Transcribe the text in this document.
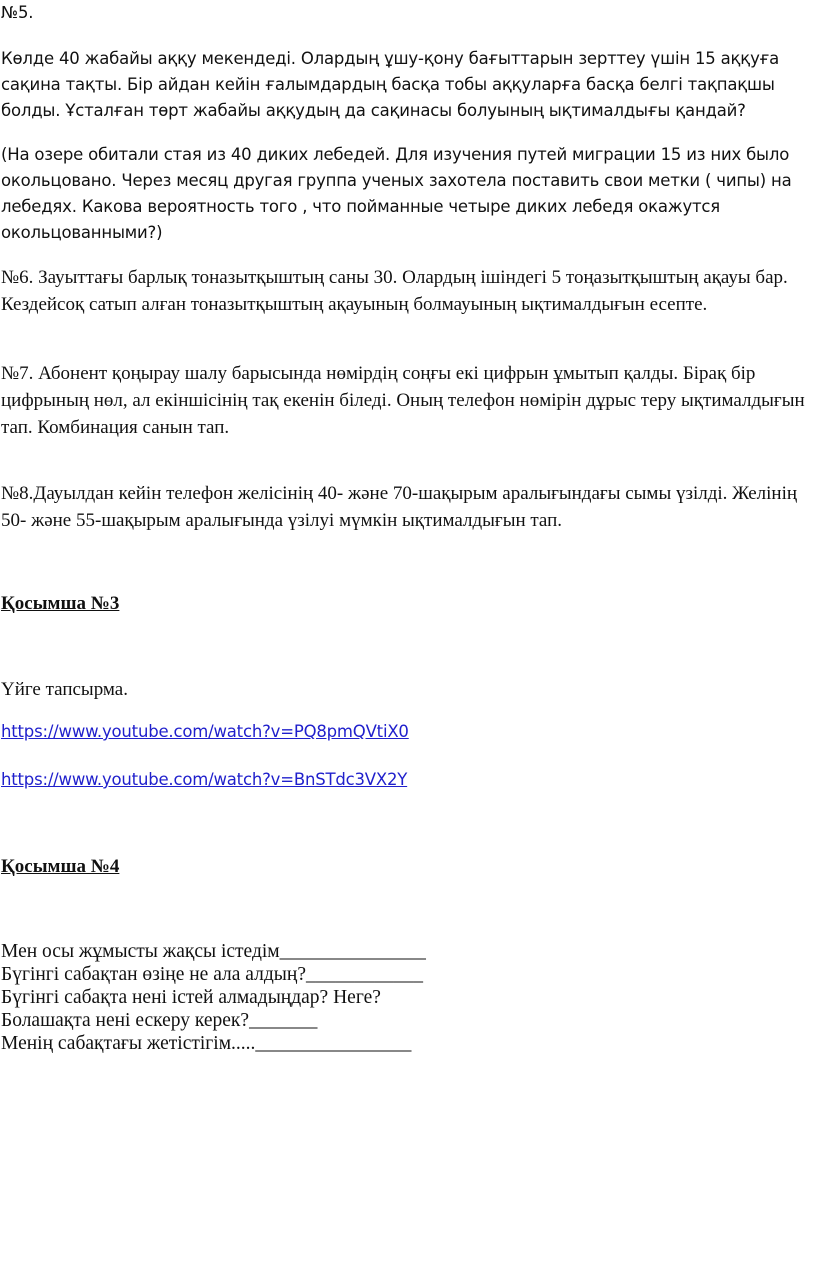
№5.

Көлде 40 жабайы аққу мекендеді. Олардың ұшу-қону бағыттарын зерттеу үшін 15 аққуға сақина тақты. Бір айдан кейін ғалымдардың басқа тобы аққуларға басқа белгі тақпақшы болды. Ұсталған төрт жабайы аққудың да сақинасы болуының ықтималдығы қандай?

(На озере обитали стая из 40 диких лебедей. Для изучения путей миграции 15 из них было окольцовано. Через месяц другая группа ученых захотела поставить свои метки ( чипы) на лебедях. Какова вероятность того , что пойманные четыре диких лебедя окажутся окольцованными?)

№6. Зауыттағы барлық тоназытқыштың саны 30. Олардың ішіндегі 5 тоңазытқыштың ақауы бар. Кездейсоқ сатып алған тоназытқыштың ақауының болмауының ықтималдығын есепте.

№7. Абонент қоңырау шалу барысында нөмірдің соңғы екі цифрын ұмытып қалды. Бірақ бір цифрының нөл, ал екіншісінің тақ екенін біледі. Оның телефон нөмірін дұрыс теру ықтималдығын тап. Комбинация санын тап.

№8.Дауылдан кейін телефон желісінің 40- және 70-шақырым аралығындағы сымы үзілді. Желінің 50- және 55-шақырым аралығында үзілуі мүмкін ықтималдығын тап.

Қосымша №3
Үйге тапсырма.
https://www.youtube.com/watch?v=PQ8pmQVtiX0
https://www.youtube.com/watch?v=BnSTdc3VX2Y
Қосымша №4
Мен осы жұмысты жақсы істедім_______________
Бүгінгі сабақтан өзіңе не ала алдың?____________
Бүгінгі сабақта нені істей алмадыңдар? Неге?
Болашақта нені ескеру керек?_______
Менің сабақтағы жетістігім.....________________
